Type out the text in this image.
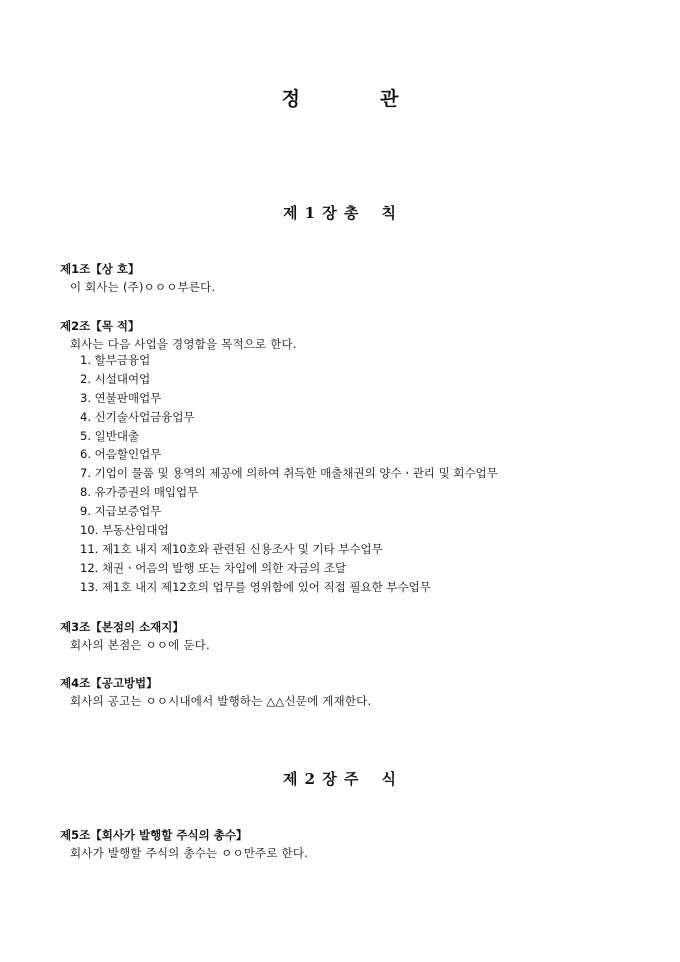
정	관
제 1 장 총 칙
제1조【상 호】
이 회사는 (주)ㅇㅇㅇ부른다.
제2조【목 적】
회사는 다음 사업을 경영함을 목적으로 한다.
1. 할부금융업
2. 시설대여업
3. 연불판매업무
4. 신기술사업금융업무
5. 일반대출
6. 어음할인업무
7. 기업이 물품 및 용역의 제공에 의하여 취득한 매출채권의 양수ㆍ관리 및 회수업무
8. 유가증권의 매입업무
9. 지급보증업무
10. 부동산임대업
11. 제1호 내지 제10호와 관련된 신용조사 및 기타 부수업무
12. 채권ㆍ어음의 발행 또는 차입에 의한 자금의 조달
13. 제1호 내지 제12호의 업무를 영위함에 있어 직접 필요한 부수업무
제3조【본점의 소재지】
회사의 본점은 ㅇㅇ에 둔다.
제4조【공고방법】
회사의 공고는 ㅇㅇ시내에서 발행하는 △△신문에 게재한다.
제 2 장 주 식
제5조【회사가 발행할 주식의 총수】
회사가 발행할 주식의 총수는 ㅇㅇ만주로 한다.
